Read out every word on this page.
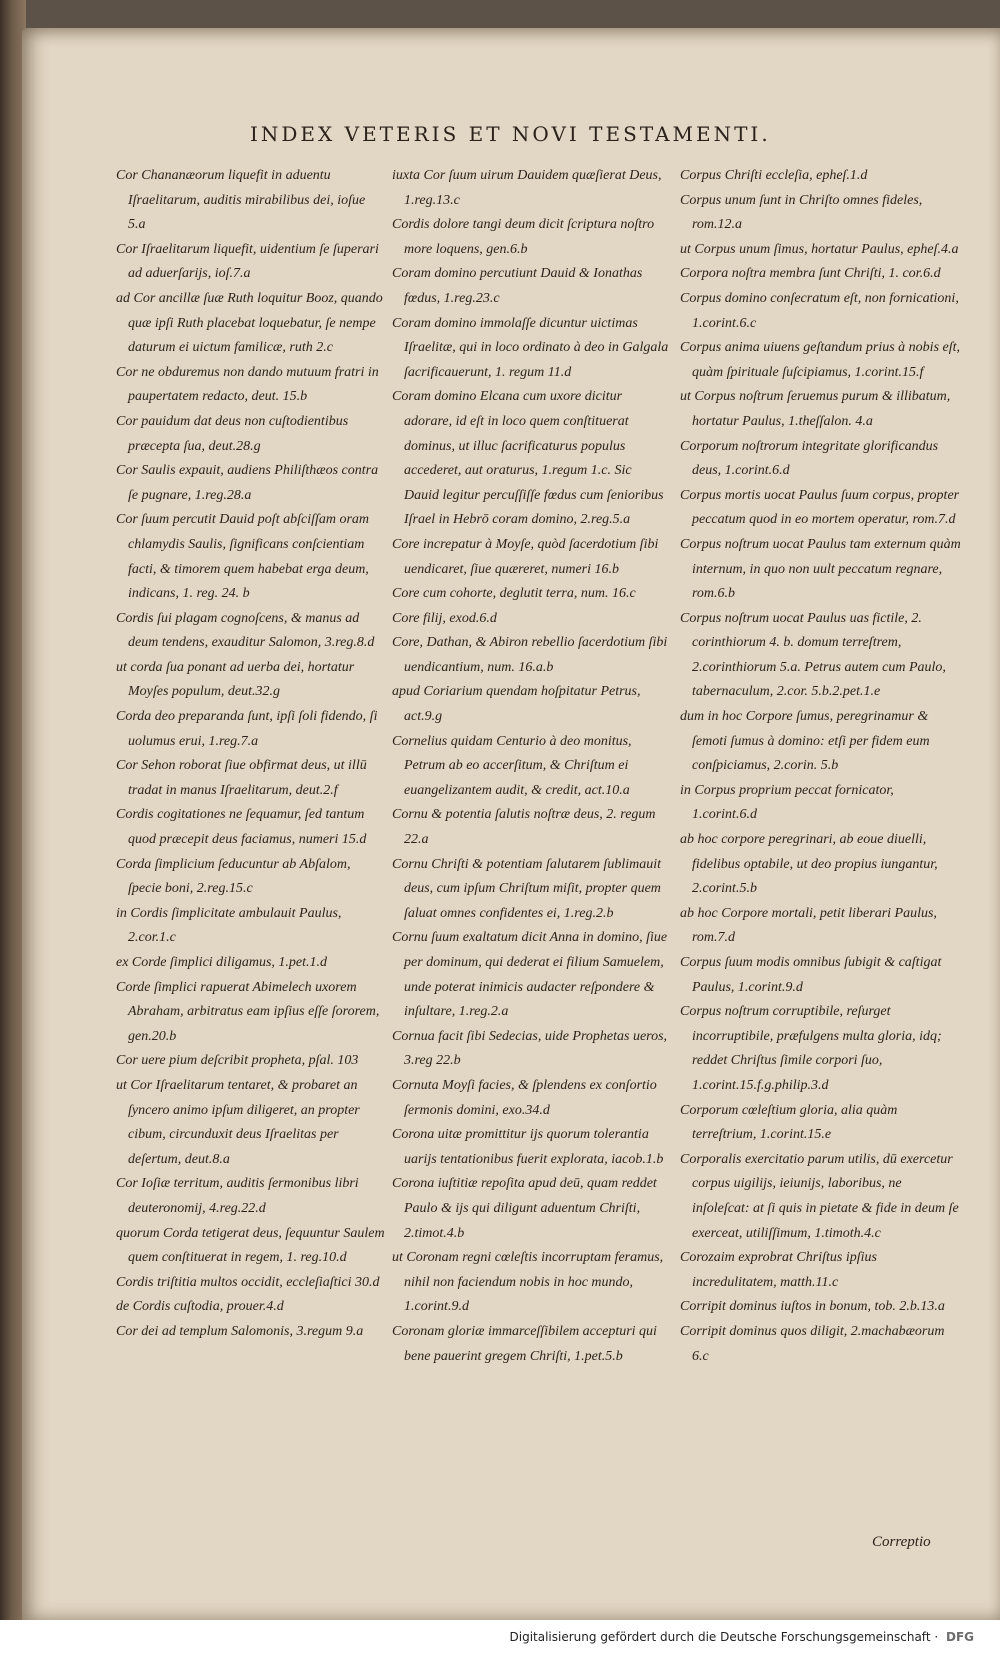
INDEX VETERIS ET NOVI TESTAMENTI.
Cor Chananæorum liquefit in aduentu Iſraelitarum, auditis mirabilibus dei, ioſue 5.a
Cor Iſraelitarum liquefit, uidentium ſe ſuperari ad aduerſarijs, ioſ.7.a
ad Cor ancillæ ſuæ Ruth loquitur Booz, quando quæ ipſi Ruth placebat loquebatur, ſe nempe daturum ei uictum familicæ, ruth 2.c
Cor ne obduremus non dando mutuum fratri in paupertatem redacto, deut. 15.b
Cor pauidum dat deus non cuſtodientibus præcepta ſua, deut.28.g
Cor Saulis expauit, audiens Philiſthæos contra ſe pugnare, 1.reg.28.a
Cor ſuum percutit Dauid poſt abſciſſam oram chlamydis Saulis, ſignificans conſcientiam facti, & timorem quem habebat erga deum, indicans, 1. reg. 24. b
Cordis ſui plagam cognoſcens, & manus ad deum tendens, exauditur Salomon, 3.reg.8.d
ut corda ſua ponant ad uerba dei, hortatur Moyſes populum, deut.32.g
Corda deo preparanda ſunt, ipſi ſoli fidendo, ſi uolumus erui, 1.reg.7.a
Cor Sehon roborat ſiue obfirmat deus, ut illū tradat in manus Iſraelitarum, deut.2.f
Cordis cogitationes ne ſequamur, ſed tantum quod præcepit deus faciamus, numeri 15.d
Corda ſimplicium ſeducuntur ab Abſalom, ſpecie boni, 2.reg.15.c
in Cordis ſimplicitate ambulauit Paulus, 2.cor.1.c
ex Corde ſimplici diligamus, 1.pet.1.d
Corde ſimplici rapuerat Abimelech uxorem Abraham, arbitratus eam ipſius eſſe ſororem, gen.20.b
Cor uere pium deſcribit propheta, pſal. 103
ut Cor Iſraelitarum tentaret, & probaret an ſyncero animo ipſum diligeret, an propter cibum, circunduxit deus Iſraelitas per deſertum, deut.8.a
Cor Ioſiæ territum, auditis ſermonibus libri deuteronomij, 4.reg.22.d
quorum Corda tetigerat deus, ſequuntur Saulem quem conſtituerat in regem, 1. reg.10.d
Cordis triſtitia multos occidit, eccleſiaſtici 30.d
de Cordis cuſtodia, prouer.4.d
Cor dei ad templum Salomonis, 3.regum 9.a
iuxta Cor ſuum uirum Dauidem quæſierat Deus, 1.reg.13.c
Cordis dolore tangi deum dicit ſcriptura noſtro more loquens, gen.6.b
Coram domino percutiunt Dauid & Ionathas fœdus, 1.reg.23.c
Coram domino immolaſſe dicuntur uictimas Iſraelitæ, qui in loco ordinato à deo in Galgala ſacrificauerunt, 1. regum 11.d
Coram domino Elcana cum uxore dicitur adorare, id eſt in loco quem conſtituerat dominus, ut illuc ſacrificaturus populus accederet, aut oraturus, 1.regum 1.c. Sic Dauid legitur percuſſiſſe fœdus cum ſenioribus Iſrael in Hebrō coram domino, 2.reg.5.a
Core increpatur à Moyſe, quòd ſacerdotium ſibi uendicaret, ſiue quæreret, numeri 16.b
Core cum cohorte, deglutit terra, num. 16.c
Core filij, exod.6.d
Core, Dathan, & Abiron rebellio ſacerdotium ſibi uendicantium, num. 16.a.b
apud Coriarium quendam hoſpitatur Petrus, act.9.g
Cornelius quidam Centurio à deo monitus, Petrum ab eo accerſitum, & Chriſtum ei euangelizantem audit, & credit, act.10.a
Cornu & potentia ſalutis noſtræ deus, 2. regum 22.a
Cornu Chriſti & potentiam ſalutarem ſublimauit deus, cum ipſum Chriſtum miſit, propter quem ſaluat omnes confidentes ei, 1.reg.2.b
Cornu ſuum exaltatum dicit Anna in domino, ſiue per dominum, qui dederat ei filium Samuelem, unde poterat inimicis audacter reſpondere & inſultare, 1.reg.2.a
Cornua facit ſibi Sedecias, uide Prophetas ueros, 3.reg 22.b
Cornuta Moyſi facies, & ſplendens ex conſortio ſermonis domini, exo.34.d
Corona uitæ promittitur ijs quorum tolerantia uarijs tentationibus fuerit explorata, iacob.1.b
Corona iuſtitiæ repoſita apud deū, quam reddet Paulo & ijs qui diligunt aduentum Chriſti, 2.timot.4.b
ut Coronam regni cœleſtis incorruptam feramus, nihil non faciendum nobis in hoc mundo, 1.corint.9.d
Coronam gloriæ immarceſſibilem accepturi qui bene pauerint gregem Chriſti, 1.pet.5.b
Corpus Chriſti eccleſia, epheſ.1.d
Corpus unum ſunt in Chriſto omnes fideles, rom.12.a
ut Corpus unum ſimus, hortatur Paulus, epheſ.4.a
Corpora noſtra membra ſunt Chriſti, 1. cor.6.d
Corpus domino conſecratum eſt, non fornicationi, 1.corint.6.c
Corpus anima uiuens geſtandum prius à nobis eſt, quàm ſpirituale ſuſcipiamus, 1.corint.15.f
ut Corpus noſtrum ſeruemus purum & illibatum, hortatur Paulus, 1.theſſalon. 4.a
Corporum noſtrorum integritate glorificandus deus, 1.corint.6.d
Corpus mortis uocat Paulus ſuum corpus, propter peccatum quod in eo mortem operatur, rom.7.d
Corpus noſtrum uocat Paulus tam externum quàm internum, in quo non uult peccatum regnare, rom.6.b
Corpus noſtrum uocat Paulus uas fictile, 2. corinthiorum 4. b. domum terreſtrem, 2.corinthiorum 5.a. Petrus autem cum Paulo, tabernaculum, 2.cor. 5.b.2.pet.1.e
dum in hoc Corpore ſumus, peregrinamur & ſemoti ſumus à domino: etſi per fidem eum conſpiciamus, 2.corin. 5.b
in Corpus proprium peccat fornicator, 1.corint.6.d
ab hoc corpore peregrinari, ab eoue diuelli, fidelibus optabile, ut deo propius iungantur, 2.corint.5.b
ab hoc Corpore mortali, petit liberari Paulus, rom.7.d
Corpus ſuum modis omnibus ſubigit & caſtigat Paulus, 1.corint.9.d
Corpus noſtrum corruptibile, reſurget incorruptibile, præfulgens multa gloria, idq; reddet Chriſtus ſimile corpori ſuo, 1.corint.15.f.g.philip.3.d
Corporum cœleſtium gloria, alia quàm terreſtrium, 1.corint.15.e
Corporalis exercitatio parum utilis, dū exercetur corpus uigilijs, ieiunijs, laboribus, ne inſoleſcat: at ſi quis in pietate & fide in deum ſe exerceat, utiliſſimum, 1.timoth.4.c
Corozaim exprobrat Chriſtus ipſius incredulitatem, matth.11.c
Corripit dominus iuſtos in bonum, tob. 2.b.13.a
Corripit dominus quos diligit, 2.machabæorum 6.c
Correptio
Digitalisierung gefördert durch die Deutsche Forschungsgemeinschaft · DFG
